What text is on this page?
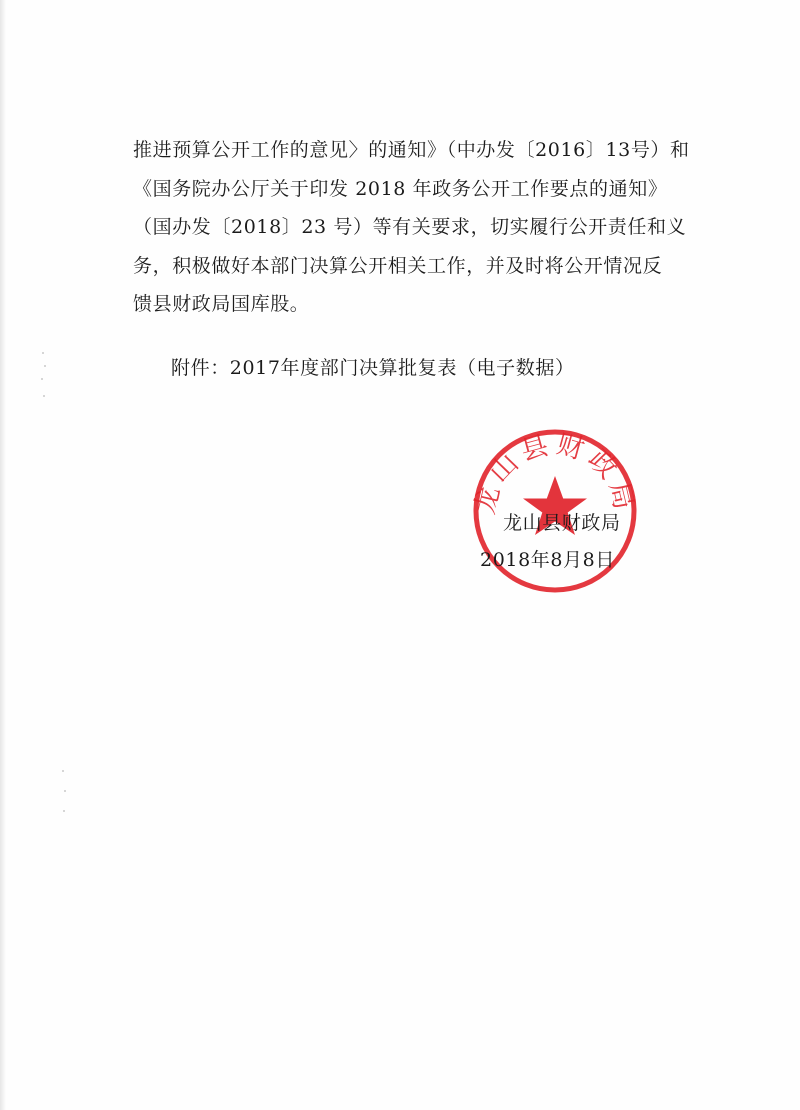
推进预算公开工作的意见〉的通知》（中办发〔2016〕13号）和
《国务院办公厅关于印发 2018 年政务公开工作要点的通知》
（国办发〔2018〕23 号）等有关要求，切实履行公开责任和义
务，积极做好本部门决算公开相关工作，并及时将公开情况反
馈县财政局国库股。
附件：2017年度部门决算批复表（电子数据）
龙山县财政局
龙山县财政局
2018年8月8日
